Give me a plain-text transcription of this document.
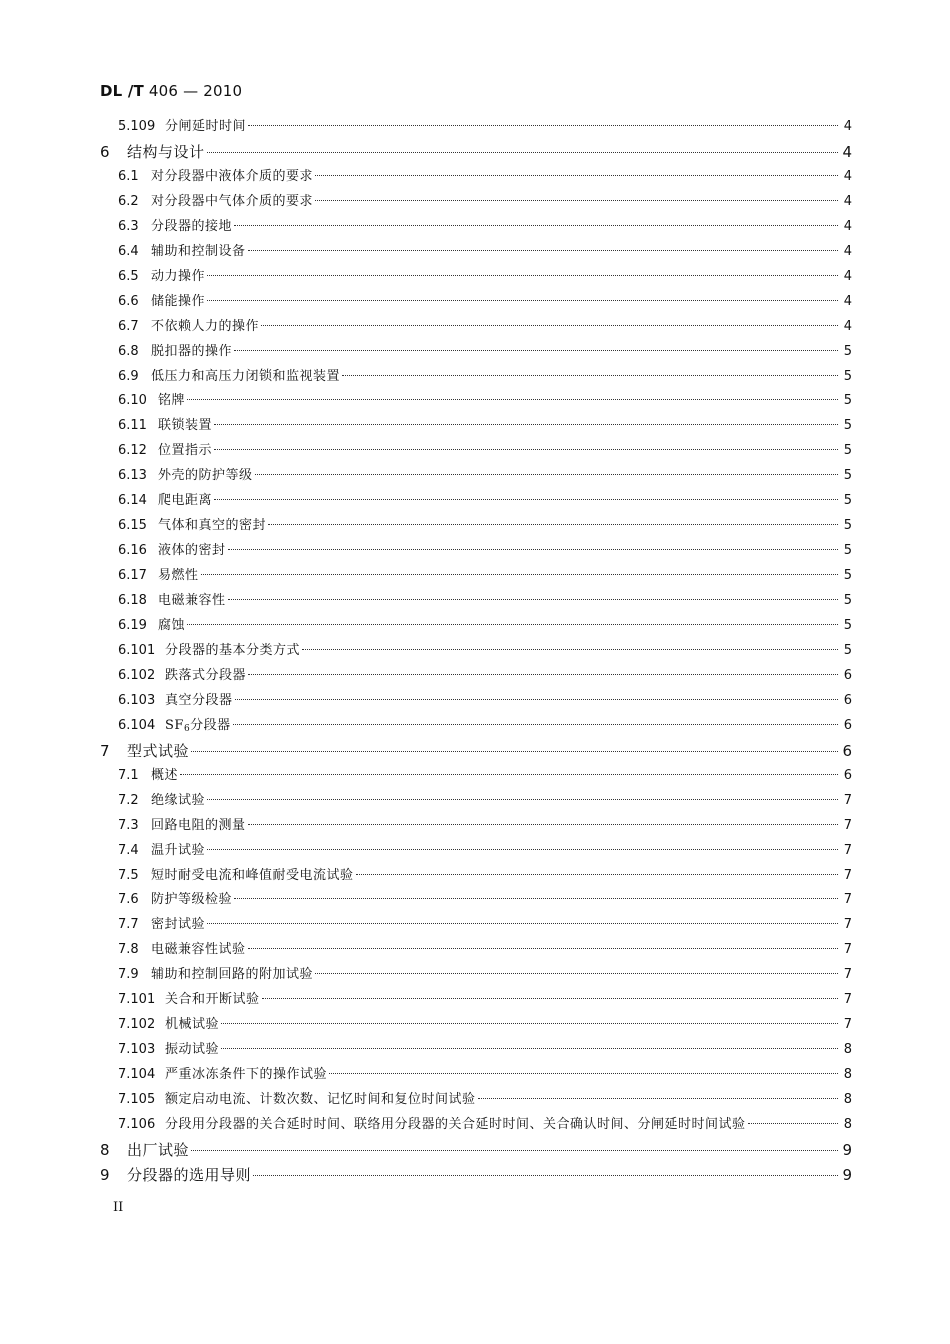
DL /T 406 — 2010
5.109 分闸延时时间	4
6	结构与设计	4
6.1 对分段器中液体介质的要求	4
6.2 对分段器中气体介质的要求	4
6.3 分段器的接地	4
6.4 辅助和控制设备	4
6.5 动力操作	4
6.6 储能操作	4
6.7 不依赖人力的操作	4
6.8 脱扣器的操作	5
6.9 低压力和高压力闭锁和监视装置	5
6.10 铭牌	5
6.11 联锁装置	5
6.12 位置指示	5
6.13 外壳的防护等级	5
6.14 爬电距离	5
6.15 气体和真空的密封	5
6.16 液体的密封	5
6.17 易燃性	5
6.18 电磁兼容性	5
6.19 腐蚀	5
6.101 分段器的基本分类方式	5
6.102 跌落式分段器	6
6.103 真空分段器	6
6.104 $SF_6$分段器	6
7	型式试验	6
7.1 概述	6
7.2 绝缘试验	7
7.3 回路电阻的测量	7
7.4 温升试验	7
7.5 短时耐受电流和峰值耐受电流试验	7
7.6 防护等级检验	7
7.7 密封试验	7
7.8 电磁兼容性试验	7
7.9 辅助和控制回路的附加试验	7
7.101 关合和开断试验	7
7.102 机械试验	7
7.103 振动试验	8
7.104 严重冰冻条件下的操作试验	8
7.105 额定启动电流、计数次数、记忆时间和复位时间试验	8
7.106 分段用分段器的关合延时时间、联络用分段器的关合延时时间、关合确认时间、分闸延时时间试验	8
8	出厂试验	9
9	分段器的选用导则	9
II
